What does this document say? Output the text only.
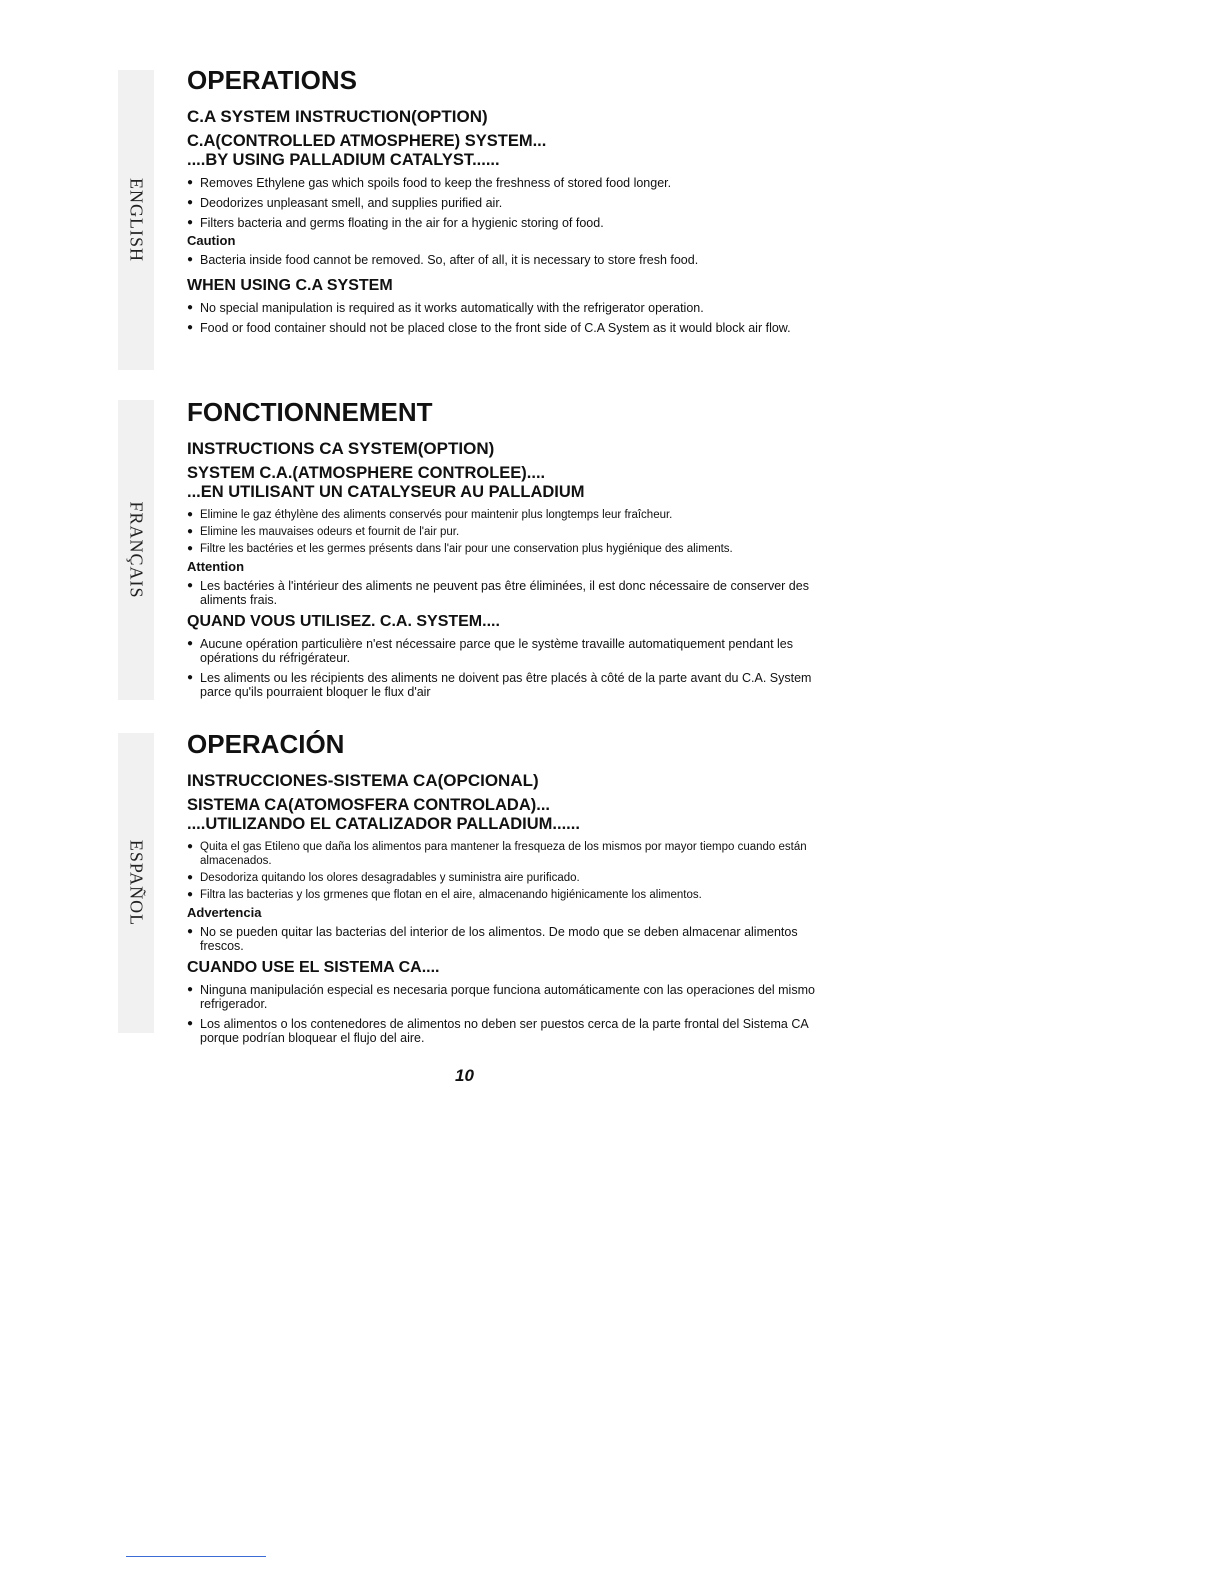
ENGLISH
FRANÇAIS
ESPAÑOL
OPERATIONS
C.A SYSTEM INSTRUCTION(OPTION)
C.A(CONTROLLED ATMOSPHERE) SYSTEM...
....BY USING PALLADIUM CATALYST......
● Removes Ethylene gas which spoils food to keep the freshness of stored food longer.
● Deodorizes unpleasant smell, and supplies purified air.
● Filters bacteria and germs floating in the air for a hygienic storing of food.
Caution
● Bacteria inside food cannot be removed. So, after of all, it is necessary to store fresh food.
WHEN USING C.A SYSTEM
● No special manipulation is required as it works automatically with the refrigerator operation.
● Food or food container should not be placed close to the front side of C.A System as it would block air flow.
FONCTIONNEMENT
INSTRUCTIONS CA SYSTEM(OPTION)
SYSTEM C.A.(ATMOSPHERE CONTROLEE)....
...EN UTILISANT UN CATALYSEUR AU PALLADIUM
● Elimine le gaz éthylène des aliments conservés pour maintenir plus longtemps leur fraîcheur.
● Elimine les mauvaises odeurs et fournit de l'air pur.
● Filtre les bactéries et les germes présents dans l'air pour une conservation plus hygiénique des aliments.
Attention
● Les bactéries à l'intérieur des aliments ne peuvent pas être éliminées, il est donc nécessaire de conserver des aliments frais.
QUAND VOUS UTILISEZ. C.A. SYSTEM....
● Aucune opération particulière n'est nécessaire parce que le système travaille automatiquement pendant les opérations du réfrigérateur.
● Les aliments ou les récipients des aliments ne doivent pas être placés à côté de la parte avant du C.A. System parce qu'ils pourraient bloquer le flux d'air
OPERACIÓN
INSTRUCCIONES-SISTEMA CA(OPCIONAL)
SISTEMA CA(ATOMOSFERA CONTROLADA)...
....UTILIZANDO EL CATALIZADOR PALLADIUM......
● Quita el gas Etileno que daña los alimentos para mantener la fresqueza de los mismos por mayor tiempo cuando están almacenados.
● Desodoriza quitando los olores desagradables y suministra aire purificado.
● Filtra las bacterias y los grmenes que flotan en el aire, almacenando higiénicamente los alimentos.
Advertencia
● No se pueden quitar las bacterias del interior de los alimentos. De modo que se deben almacenar alimentos frescos.
CUANDO USE EL SISTEMA CA....
● Ninguna manipulación especial es necesaria porque funciona automáticamente con las operaciones del mismo refrigerador.
● Los alimentos o los contenedores de alimentos no deben ser puestos cerca de la parte frontal del Sistema CA porque podrían bloquear el flujo del aire.
10
